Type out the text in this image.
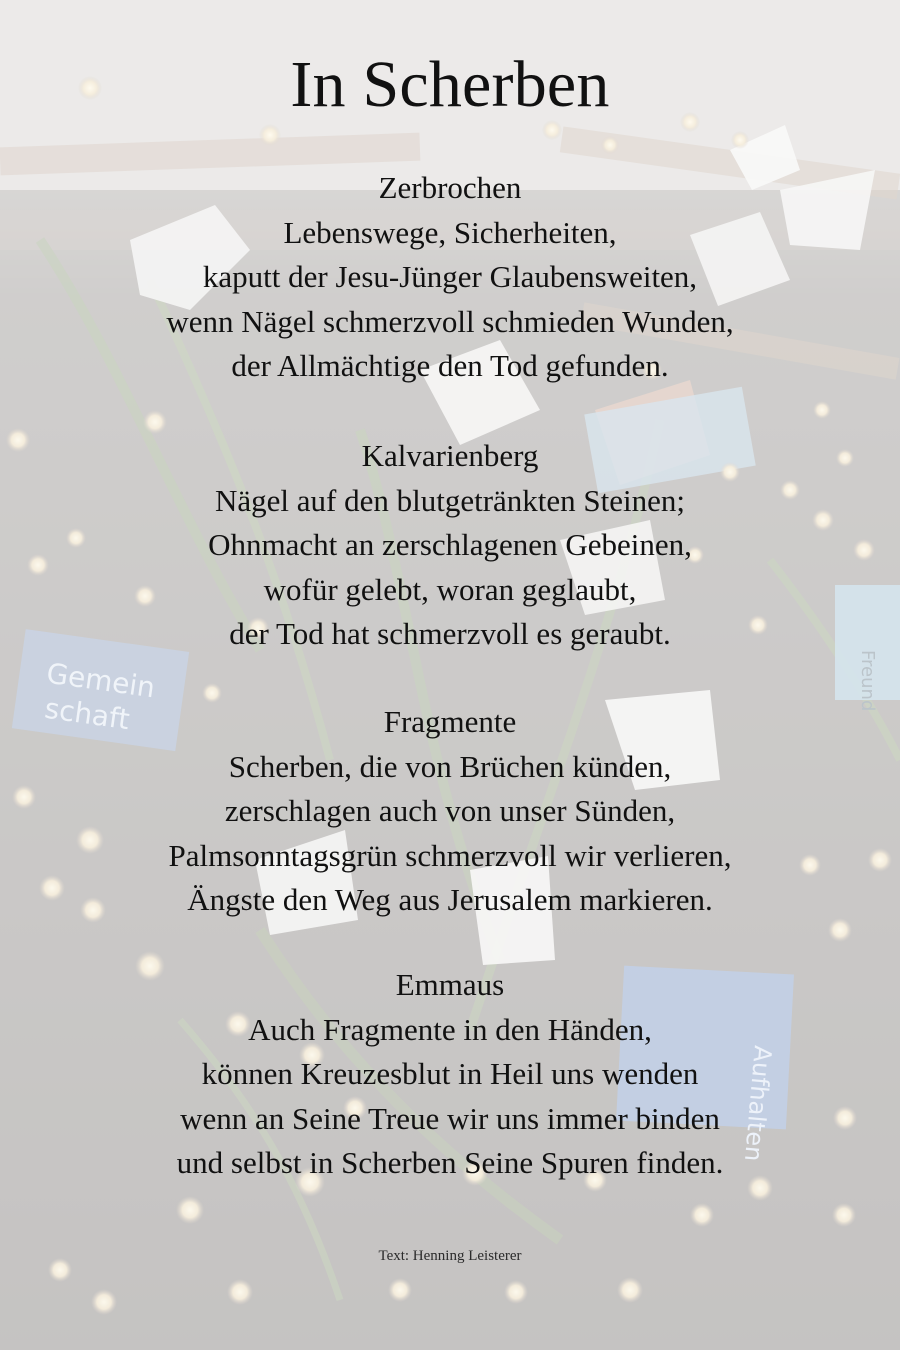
In Scherben
Zerbrochen
Lebenswege, Sicherheiten,
kaputt der Jesu-Jünger Glaubensweiten,
wenn Nägel schmerzvoll schmieden Wunden,
der Allmächtige den Tod gefunden.
Kalvarienberg
Nägel auf den blutgetränkten Steinen;
Ohnmacht an zerschlagenen Gebeinen,
wofür gelebt, woran geglaubt,
der Tod hat schmerzvoll es geraubt.
Fragmente
Scherben, die von Brüchen künden,
zerschlagen auch von unser Sünden,
Palmsonntagsgrün schmerzvoll wir verlieren,
Ängste den Weg aus Jerusalem markieren.
Emmaus
Auch Fragmente in den Händen,
können Kreuzesblut in Heil uns wenden
wenn an Seine Treue wir uns immer binden
und selbst in Scherben Seine Spuren finden.
Text: Henning Leisterer
